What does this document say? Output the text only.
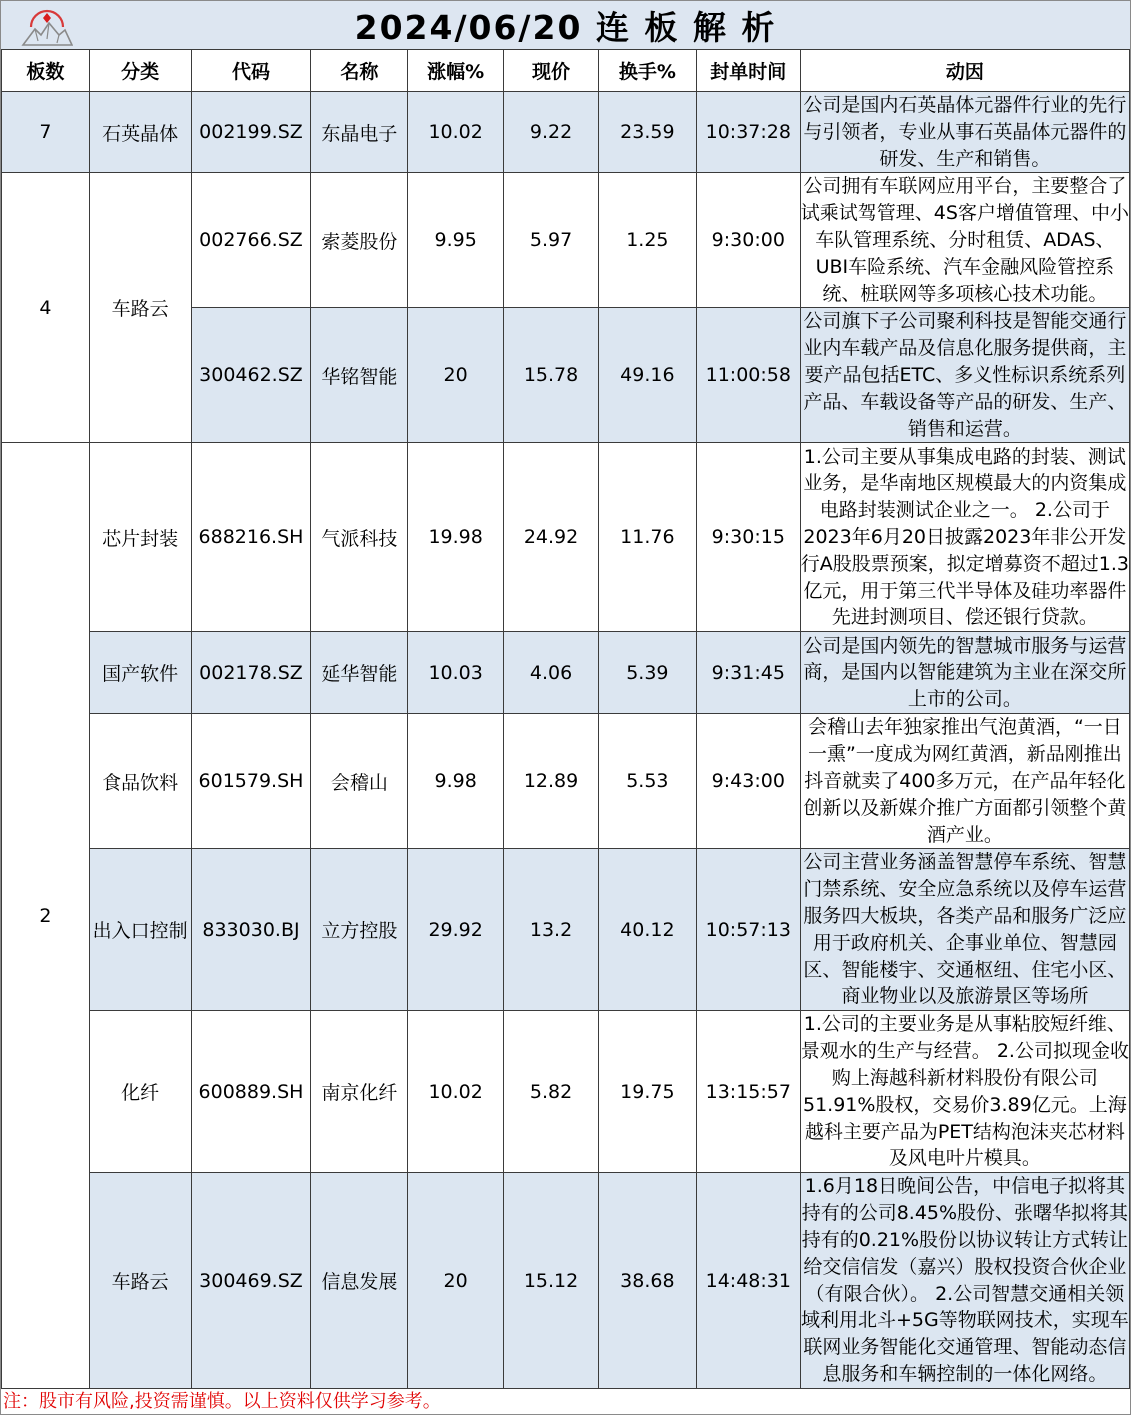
2024/06/20 连 板 解 析
板数	分类	代码	名称	涨幅%	现价	换手%	封单时间	动因
7	石英晶体	002199.SZ	东晶电子	10.02	9.22	23.59	10:37:28	公司是国内石英晶体元器件行业的先行与引领者，专业从事石英晶体元器件的研发、生产和销售。
4	车路云	002766.SZ	索菱股份	9.95	5.97	1.25	9:30:00	公司拥有车联网应用平台，主要整合了试乘试驾管理、4S客户增值管理、中小车队管理系统、分时租赁、ADAS、UBI车险系统、汽车金融风险管控系统、桩联网等多项核心技术功能。
		300462.SZ	华铭智能	20	15.78	49.16	11:00:58	公司旗下子公司聚利科技是智能交通行业内车载产品及信息化服务提供商，主要产品包括ETC、多义性标识系统系列产品、车载设备等产品的研发、生产、销售和运营。
2	芯片封装	688216.SH	气派科技	19.98	24.92	11.76	9:30:15	1.公司主要从事集成电路的封装、测试业务，是华南地区规模最大的内资集成电路封装测试企业之一。 2.公司于2023年6月20日披露2023年非公开发行A股股票预案，拟定增募资不超过1.3亿元，用于第三代半导体及硅功率器件先进封测项目、偿还银行贷款。
	国产软件	002178.SZ	延华智能	10.03	4.06	5.39	9:31:45	公司是国内领先的智慧城市服务与运营商，是国内以智能建筑为主业在深交所上市的公司。
	食品饮料	601579.SH	会稽山	9.98	12.89	5.53	9:43:00	会稽山去年独家推出气泡黄酒，“一日一熏”一度成为网红黄酒，新品刚推出抖音就卖了400多万元，在产品年轻化创新以及新媒介推广方面都引领整个黄酒产业。
	出入口控制	833030.BJ	立方控股	29.92	13.2	40.12	10:57:13	公司主营业务涵盖智慧停车系统、智慧门禁系统、安全应急系统以及停车运营服务四大板块，各类产品和服务广泛应用于政府机关、企事业单位、智慧园区、智能楼宇、交通枢纽、住宅小区、商业物业以及旅游景区等场所
	化纤	600889.SH	南京化纤	10.02	5.82	19.75	13:15:57	1.公司的主要业务是从事粘胶短纤维、景观水的生产与经营。 2.公司拟现金收购上海越科新材料股份有限公司51.91%股权，交易价3.89亿元。上海越科主要产品为PET结构泡沫夹芯材料及风电叶片模具。
	车路云	300469.SZ	信息发展	20	15.12	38.68	14:48:31	1.6月18日晚间公告，中信电子拟将其持有的公司8.45%股份、张曙华拟将其持有的0.21%股份以协议转让方式转让给交信信发（嘉兴）股权投资合伙企业（有限合伙）。 2.公司智慧交通相关领域利用北斗+5G等物联网技术，实现车联网业务智能化交通管理、智能动态信息服务和车辆控制的一体化网络。
注：股市有风险,投资需谨慎。以上资料仅供学习参考。
